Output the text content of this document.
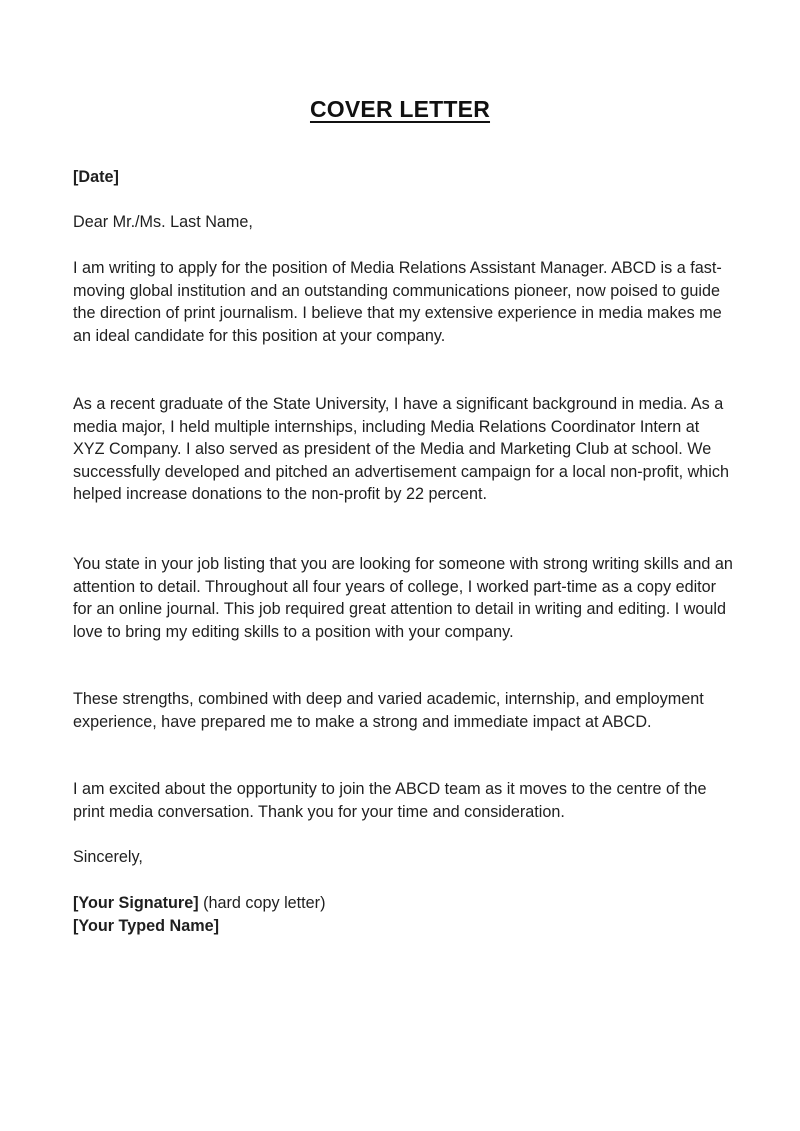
COVER LETTER

[Date]

Dear Mr./Ms. Last Name,

I am writing to apply for the position of Media Relations Assistant Manager. ABCD is a fast-moving global institution and an outstanding communications pioneer, now poised to guide the direction of print journalism. I believe that my extensive experience in media makes me an ideal candidate for this position at your company.

As a recent graduate of the State University, I have a significant background in media. As a media major, I held multiple internships, including Media Relations Coordinator Intern at XYZ Company. I also served as president of the Media and Marketing Club at school. We successfully developed and pitched an advertisement campaign for a local non-profit, which helped increase donations to the non-profit by 22 percent.

You state in your job listing that you are looking for someone with strong writing skills and an attention to detail. Throughout all four years of college, I worked part-time as a copy editor for an online journal. This job required great attention to detail in writing and editing. I would love to bring my editing skills to a position with your company.

These strengths, combined with deep and varied academic, internship, and employment experience, have prepared me to make a strong and immediate impact at ABCD.

I am excited about the opportunity to join the ABCD team as it moves to the centre of the print media conversation. Thank you for your time and consideration.

Sincerely,

[Your Signature] (hard copy letter)

[Your Typed Name]
